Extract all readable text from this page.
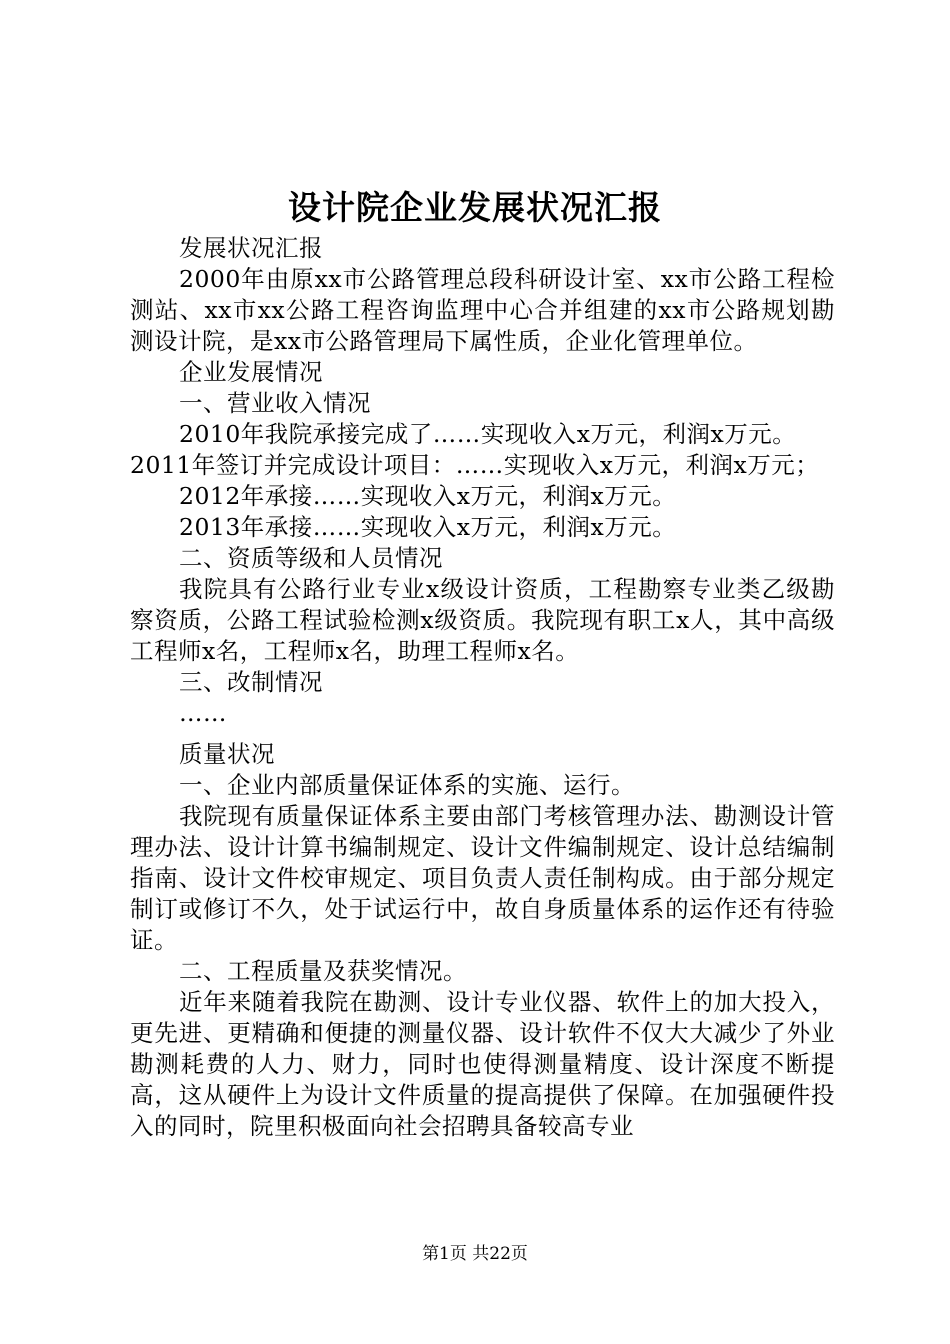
设计院企业发展状况汇报

发展状况汇报

2000年由原xx市公路管理总段科研设计室、xx市公路工程检测站、xx市xx公路工程咨询监理中心合并组建的xx市公路规划勘测设计院，是xx市公路管理局下属性质，企业化管理单位。

企业发展情况

一、营业收入情况

2010年我院承接完成了……实现收入x万元，利润x万元。

2011年签订并完成设计项目：……实现收入x万元，利润x万元；

2012年承接……实现收入x万元，利润x万元。

2013年承接……实现收入x万元，利润x万元。

二、资质等级和人员情况

我院具有公路行业专业x级设计资质，工程勘察专业类乙级勘察资质，公路工程试验检测x级资质。我院现有职工x人，其中高级工程师x名，工程师x名，助理工程师x名。

三、改制情况

……

质量状况

一、企业内部质量保证体系的实施、运行。

我院现有质量保证体系主要由部门考核管理办法、勘测设计管理办法、设计计算书编制规定、设计文件编制规定、设计总结编制指南、设计文件校审规定、项目负责人责任制构成。由于部分规定制订或修订不久，处于试运行中，故自身质量体系的运作还有待验证。

二、工程质量及获奖情况。

近年来随着我院在勘测、设计专业仪器、软件上的加大投入，更先进、更精确和便捷的测量仪器、设计软件不仅大大减少了外业勘测耗费的人力、财力，同时也使得测量精度、设计深度不断提高，这从硬件上为设计文件质量的提高提供了保障。在加强硬件投入的同时，院里积极面向社会招聘具备较高专业

第1页 共22页
